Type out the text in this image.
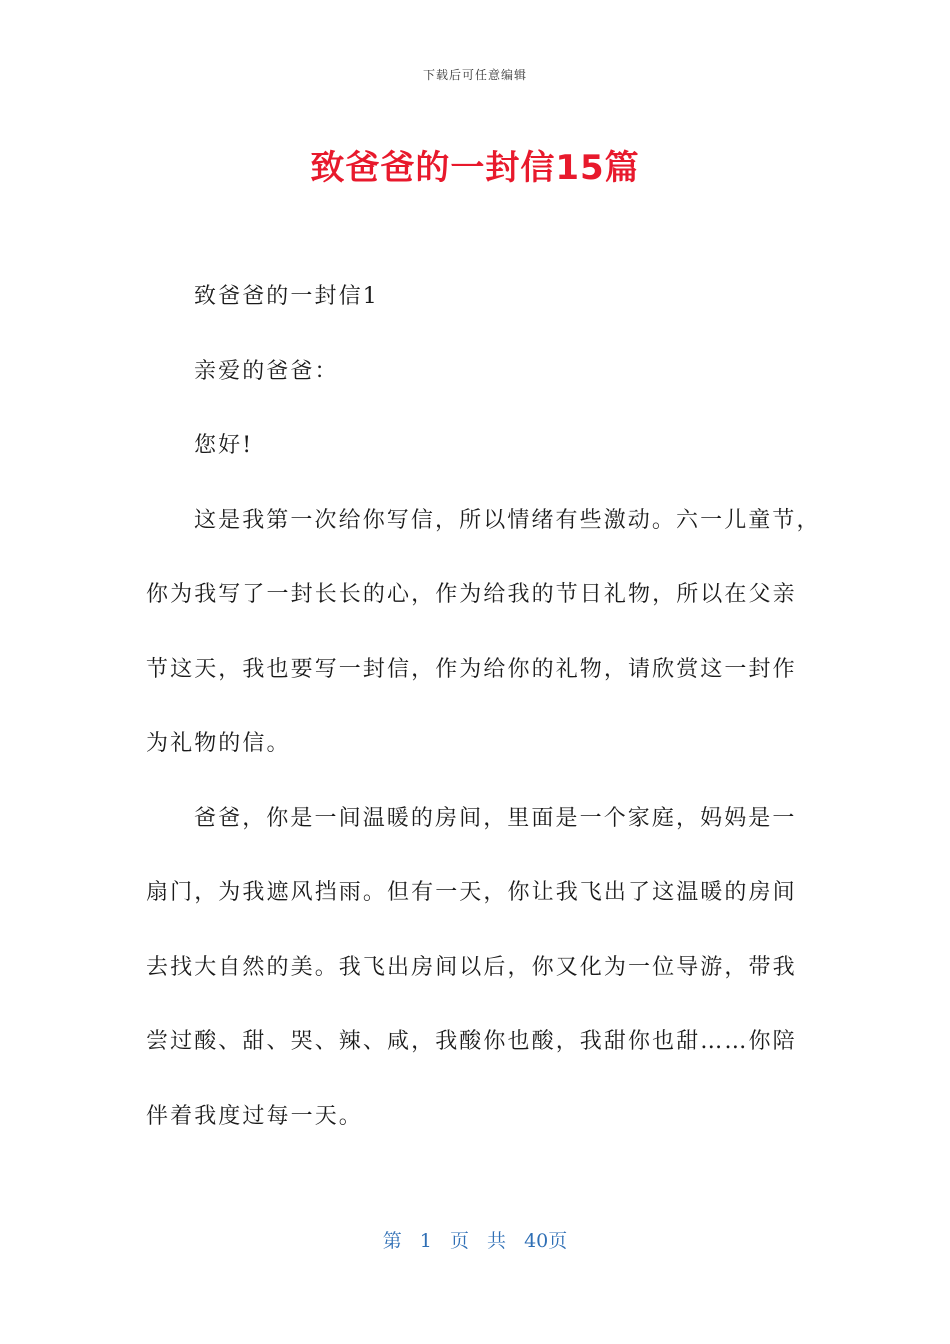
下载后可任意编辑
致爸爸的一封信15篇
致爸爸的一封信1
亲爱的爸爸：
您好!
这是我第一次给你写信，所以情绪有些激动。六一儿童节，
你为我写了一封长长的心，作为给我的节日礼物，所以在父亲
节这天，我也要写一封信，作为给你的礼物，请欣赏这一封作
为礼物的信。
爸爸，你是一间温暖的房间，里面是一个家庭，妈妈是一
扇门，为我遮风挡雨。但有一天，你让我飞出了这温暖的房间
去找大自然的美。我飞出房间以后，你又化为一位导游，带我
尝过酸、甜、哭、辣、咸，我酸你也酸，我甜你也甜……你陪
伴着我度过每一天。
第 1 页 共 40页
